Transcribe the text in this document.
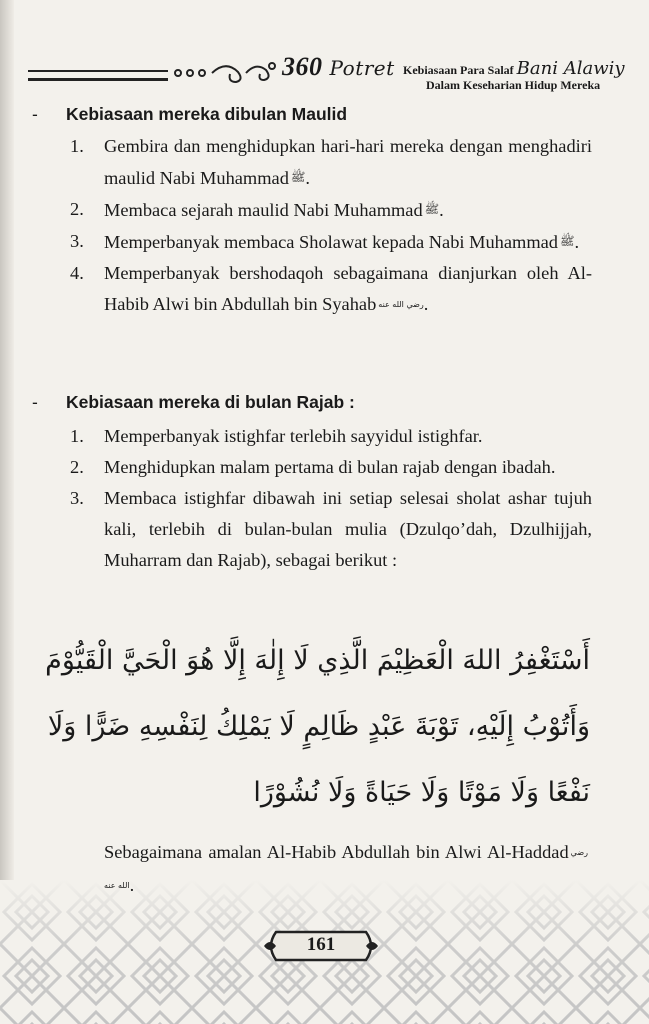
360 Potret Kebiasaan Para Salaf Bani Alawiy
Dalam Keseharian Hidup Mereka
- Kebiasaan mereka dibulan Maulid
1. Gembira dan menghidupkan hari-hari mereka dengan menghadiri maulid Nabi Muhammad ﷺ.
2. Membaca sejarah maulid Nabi Muhammad ﷺ.
3. Memperbanyak membaca Sholawat kepada Nabi Muhammad ﷺ.
4. Memperbanyak bershodaqoh sebagaimana dianjurkan oleh Al-Habib Alwi bin Abdullah bin Syahab رضي الله عنه.
- Kebiasaan mereka di bulan Rajab :
1. Memperbanyak istighfar terlebih sayyidul istighfar.
2. Menghidupkan malam pertama di bulan rajab dengan ibadah.
3. Membaca istighfar dibawah ini setiap selesai sholat ashar tujuh kali, terlebih di bulan-bulan mulia (Dzulqo’dah, Dzulhijjah, Muharram dan Rajab), sebagai berikut :
أَسْتَغْفِرُ اللهَ الْعَظِيْمَ الَّذِي لَا إِلٰهَ إِلَّا هُوَ الْحَيَّ الْقَيُّوْمَ
وَأَتُوْبُ إِلَيْهِ، تَوْبَةَ عَبْدٍ ظَالِمٍ لَا يَمْلِكُ لِنَفْسِهِ ضَرًّا وَلَا
نَفْعًا وَلَا مَوْتًا وَلَا حَيَاةً وَلَا نُشُوْرًا
Sebagaimana amalan Al-Habib Abdullah bin Alwi Al-Haddad رضي الله عنه.
161
